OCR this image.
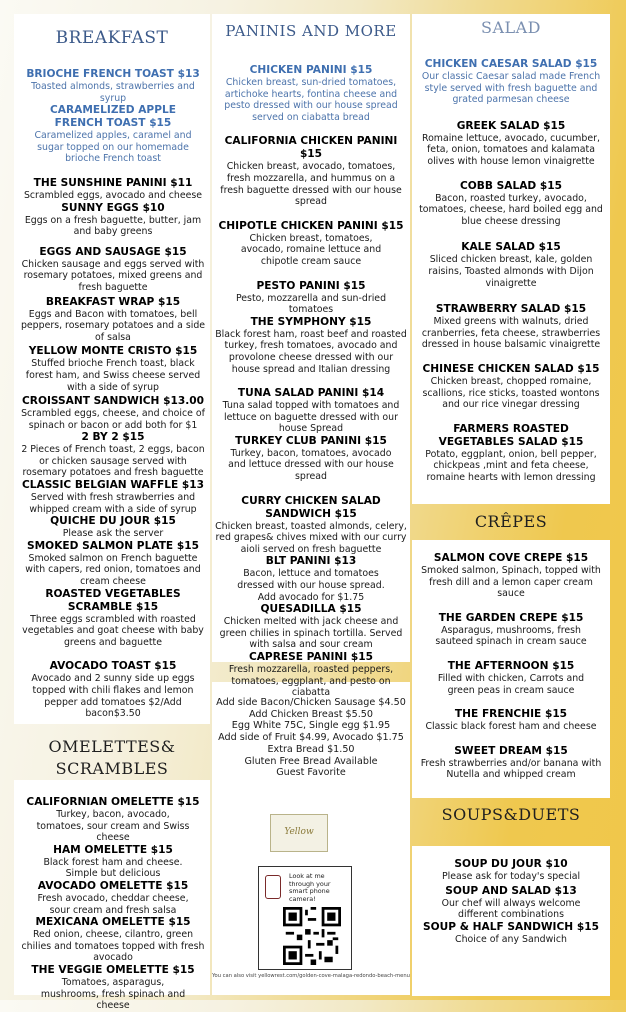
BREAKFAST
BRIOCHE FRENCH TOAST $13
Toasted almonds, strawberries and syrup
CARAMELIZED APPLE FRENCH TOAST $15
Caramelized apples, caramel and sugar topped on our homemade brioche French toast
THE SUNSHINE PANINI $11
Scrambled eggs, avocado and cheese
SUNNY EGGS $10
Eggs on a fresh baguette, butter, jam and baby greens
EGGS AND SAUSAGE $15
Chicken sausage and eggs served with rosemary potatoes, mixed greens and fresh baguette
BREAKFAST WRAP $15
Eggs and Bacon with tomatoes, bell peppers, rosemary potatoes and a side of salsa
YELLOW MONTE CRISTO $15
Stuffed brioche French toast, black forest ham, and Swiss cheese served with a side of syrup
CROISSANT SANDWICH $13.00
Scrambled eggs, cheese, and choice of spinach or bacon or add both for $1
2 BY 2 $15
2 Pieces of French toast, 2 eggs, bacon or chicken sausage served with rosemary potatoes and fresh baguette
CLASSIC BELGIAN WAFFLE $13
Served with fresh strawberries and whipped cream with a side of syrup
QUICHE DU JOUR $15
Please ask the server
SMOKED SALMON PLATE $15
Smoked salmon on French baguette with capers, red onion, tomatoes and cream cheese
ROASTED VEGETABLES SCRAMBLE $15
Three eggs scrambled with roasted vegetables and goat cheese with baby greens and baguette
AVOCADO TOAST $15
Avocado and 2 sunny side up eggs topped with chili flakes and lemon pepper add tomatoes $2/Add bacon$3.50
OMELETTES&
SCRAMBLES
CALIFORNIAN OMELETTE $15
Turkey, bacon, avocado, tomatoes, sour cream and Swiss cheese
HAM OMELETTE $15
Black forest ham and cheese. Simple but delicious
AVOCADO OMELETTE $15
Fresh avocado, cheddar cheese, sour cream and fresh salsa
MEXICANA OMELETTE $15
Red onion, cheese, cilantro, green chilies and tomatoes topped with fresh avocado
THE VEGGIE OMELETTE $15
Tomatoes, asparagus, mushrooms, fresh spinach and cheese
PANINIS AND MORE
CHICKEN PANINI $15
Chicken breast, sun-dried tomatoes, artichoke hearts, fontina cheese and pesto dressed with our house spread served on ciabatta bread
CALIFORNIA CHICKEN PANINI $15
Chicken breast, avocado, tomatoes, fresh mozzarella, and hummus on a fresh baguette dressed with our house spread
CHIPOTLE CHICKEN PANINI $15
Chicken breast, tomatoes, avocado, romaine lettuce and chipotle cream sauce
PESTO PANINI $15
Pesto, mozzarella and sun-dried tomatoes
THE SYMPHONY $15
Black forest ham, roast beef and roasted turkey, fresh tomatoes, avocado and provolone cheese dressed with our house spread and Italian dressing
TUNA SALAD PANINI $14
Tuna salad topped with tomatoes and lettuce on baguette dressed with our house Spread
TURKEY CLUB PANINI $15
Turkey, bacon, tomatoes, avocado and lettuce dressed with our house spread
CURRY CHICKEN SALAD SANDWICH $15
Chicken breast, toasted almonds, celery, red grapes& chives mixed with our curry aioli served on fresh baguette
BLT PANINI $13
Bacon, lettuce and tomatoes dressed with our house spread. Add avocado for $1.75
QUESADILLA $15
Chicken melted with jack cheese and green chilies in spinach tortilla. Served with salsa and sour cream
CAPRESE PANINI $15
Fresh mozzarella, roasted peppers, tomatoes, eggplant, and pesto on ciabatta
Add side Bacon/Chicken Sausage $4.50
Add Chicken Breast $5.50
Egg White 75C, Single egg $1.95
Add side of Fruit $4.99, Avocado $1.75
Extra Bread $1.50
Gluten Free Bread Available
Guest Favorite
Yellow
Look at me through your smart phone camera!
You can also visit yellowrest.com/golden-cove-malaga-redondo-beach-menu
SALAD
CHICKEN CAESAR SALAD $15
Our classic Caesar salad made French style served with fresh baguette and grated parmesan cheese
GREEK SALAD $15
Romaine lettuce, avocado, cucumber, feta, onion, tomatoes and kalamata olives with house lemon vinaigrette
COBB SALAD $15
Bacon, roasted turkey, avocado, tomatoes, cheese, hard boiled egg and blue cheese dressing
KALE SALAD $15
Sliced chicken breast, kale, golden raisins, Toasted almonds with Dijon vinaigrette
STRAWBERRY SALAD $15
Mixed greens with walnuts, dried cranberries, feta cheese, strawberries dressed in house balsamic vinaigrette
CHINESE CHICKEN SALAD $15
Chicken breast, chopped romaine, scallions, rice sticks, toasted wontons and our rice vinegar dressing
FARMERS ROASTED VEGETABLES SALAD $15
Potato, eggplant, onion, bell pepper, chickpeas ,mint and feta cheese, romaine hearts with lemon dressing
CRÊPES
SALMON COVE CREPE $15
Smoked salmon, Spinach, topped with fresh dill and a lemon caper cream sauce
THE GARDEN CREPE $15
Asparagus, mushrooms, fresh sauteed spinach in cream sauce
THE AFTERNOON $15
Filled with chicken, Carrots and green peas in cream sauce
THE FRENCHIE $15
Classic black forest ham and cheese
SWEET DREAM $15
Fresh strawberries and/or banana with Nutella and whipped cream
SOUPS&DUETS
SOUP DU JOUR $10
Please ask for today's special
SOUP AND SALAD $13
Our chef will always welcome different combinations
SOUP & HALF SANDWICH $15
Choice of any Sandwich
